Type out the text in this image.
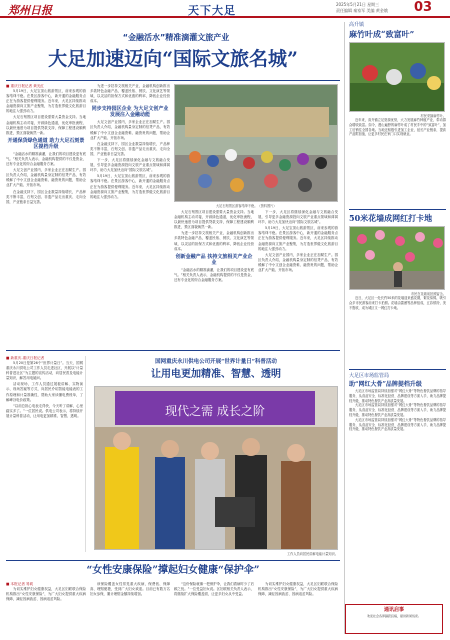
郑州日报	天下大足	2025年5月21日 星期三
责任编辑 秦家军 美编 黄金娥 03
“金融活水”精准滴灌文旅产业
大足加速迈向“国际文旅名城”
■ 重庆日报记者 黄光红

5月19日，大足宝顶山旅游景区，前来参观的游客络绎不绝。在景区游客中心，新开通的金融服务点正在为游客提供便利服务。近年来，大足区持续推动金融资源向文旅产业聚集，为打造世界级文化旅游目的地注入强劲动力。

大足石刻景区项目建设需要大量资金支持。当地金融机构主动对接，开辟绿色通道，优化审批流程，以最快速度为项目提供贷款支持，保障工程建设顺利推进，景区面貌焕然一新。

开通保货绿色通道 助力大足石刻景区提档升级

“金融活水的精准滴灌，让我们的项目建设更有底气。”相关负责人表示，金融机构提供的不仅是资金，还有专业化的综合金融服务方案。

大足文创产业园内，多家企业正在加紧生产。园区负责人介绍，金融机构量身定制的信贷产品，有效缓解了中小文创企业融资难、融资贵的问题，帮助企业扩大产能、开拓市场。

在金融支持下，园区企业数量持续增长，产品种类不断丰富，石刻文创、非遗产品走出重庆、走向全国，产业链条日益完善。

为进一步扶持文旅相关产业，金融机构创新推出多款特色金融产品，覆盖民宿、餐饮、文化演艺等领域，以灵活的担保方式和优惠的利率，降低企业经营成本。

同步支持园区企业 为大足文创产业发展注入金融动能

大足文创产业园内，多家企业正在加紧生产。园区负责人介绍，金融机构量身定制的信贷产品，有效缓解了中小文创企业融资难、融资贵的问题，帮助企业扩大产能、开拓市场。

在金融支持下，园区企业数量持续增长，产品种类不断丰富，石刻文创、非遗产品走出重庆、走向全国，产业链条日益完善。

下一步，大足区将继续深化金融与文旅融合发展，引导更多金融资源投向文旅产业重点领域和薄弱环节，助力大足加快迈向“国际文旅名城”。

5月19日，大足宝顶山旅游景区，前来参观的游客络绎不绝。在景区游客中心，新开通的金融服务点正在为游客提供便利服务。近年来，大足区持续推动金融资源向文旅产业聚集，为打造世界级文化旅游目的地注入强劲动力。

大足石刻景区游客络绎不绝。（资料图片）

大足石刻景区项目建设需要大量资金支持。当地金融机构主动对接，开辟绿色通道，优化审批流程，以最快速度为项目提供贷款支持，保障工程建设顺利推进，景区面貌焕然一新。

为进一步扶持文旅相关产业，金融机构创新推出多款特色金融产品，覆盖民宿、餐饮、文化演艺等领域，以灵活的担保方式和优惠的利率，降低企业经营成本。

创新金融产品 扶持文旅相关产业企业

“金融活水的精准滴灌，让我们的项目建设更有底气。”相关负责人表示，金融机构提供的不仅是资金，还有专业化的综合金融服务方案。

下一步，大足区将继续深化金融与文旅融合发展，引导更多金融资源投向文旅产业重点领域和薄弱环节，助力大足加快迈向“国际文旅名城”。

5月19日，大足宝顶山旅游景区，前来参观的游客络绎不绝。在景区游客中心，新开通的金融服务点正在为游客提供便利服务。近年来，大足区持续推动金融资源向文旅产业聚集，为打造世界级文化旅游目的地注入强劲动力。

大足文创产业园内，多家企业正在加紧生产。园区负责人介绍，金融机构量身定制的信贷产品，有效缓解了中小文创企业融资难、融资贵的问题，帮助企业扩大产能、开拓市场。

■ 新重庆-重庆日报记者

5月20日是第26个“世界计量日”。当天，国网重庆永川供电公司工作人员走进社区，开展以“计量科普进社区”为主题的宣传活动，向居民普及电能计量知识，解答用电疑问。

活动现场，工作人员通过展板讲解、实物演示、现场答疑等方式，向居民介绍智能电能表的工作原理和计量准确性，帮助大家读懂电费账单，了解峰谷电价政策。

“以前总担心电表走得快，今天听了讲解，心里踏实多了。”一位居民说。供电公司表示，将持续开展计量科普活动，让用电更加精准、智慧、透明。

国网重庆永川供电公司开展“世界计量日”科普活动
让用电更加精准、智慧、透明
现代之需 成长之阶
工作人员向居民讲解电能计量知识。
“女性安康保险”撑起妇女健康“保护伞”
■ 本报记者 易莉

为切实维护妇女健康权益，大足区妇联联合保险机构推出“女性安康保险”，为广大妇女提供重大疾病保障，减轻因病致贫、因病返贫风险。

该保险覆盖女性常见重大疾病，保费低、保障高、理赔便捷，受到广大妇女欢迎。目前已有数万名妇女参保，累计理赔金额持续增加。

“这份保险就像一把保护伞，让我们看病时少了后顾之忧。”一位受益妇女说。区妇联相关负责人表示，将继续扩大保险覆盖面，让更多妇女从中受益。

为切实维护妇女健康权益，大足区妇联联合保险机构推出“女性安康保险”，为广大妇女提供重大疾病保障，减轻因病致贫、因病返贫风险。

高升镇
麻竹叶成“致富叶”
村民采摘麻竹叶。

近年来，高升镇立足资源优势，大力发展麻竹种植产业，带动群众增收致富。如今，漫山遍野的麻竹叶成了村民手中的“致富叶”，加工后销往全国各地。当地还积极引进加工企业，延长产业链条，提高产品附加值，让更多村民在家门口实现就业。

50米花墙成网红打卡地
市民在花墙前拍照留念。

近日，大足区一处长约50米的花墙迎来盛花期，繁花似锦，吸引众多市民游客前来打卡拍照。花墙由蔷薇等品种组成，五彩缤纷，美不胜收，成为城区又一网红打卡地。

大足区市场监管局
助“网红大骨”品牌提档升级

大足区市场监管局持续加强对“网红大骨”等特色餐饮品牌的指导服务，从食品安全、标准化经营、品牌建设等方面入手，助力品牌提档升级，推动特色餐饮产业高质量发展。

大足区市场监管局持续加强对“网红大骨”等特色餐饮品牌的指导服务，从食品安全、标准化经营、品牌建设等方面入手，助力品牌提档升级，推动特色餐饮产业高质量发展。

大足区市场监管局持续加强对“网红大骨”等特色餐饮品牌的指导服务，从食品安全、标准化经营、品牌建设等方面入手，助力品牌提档升级，推动特色餐饮产业高质量发展。

通讯启事
欢迎社会各界踊跃投稿，提供新闻线索。
